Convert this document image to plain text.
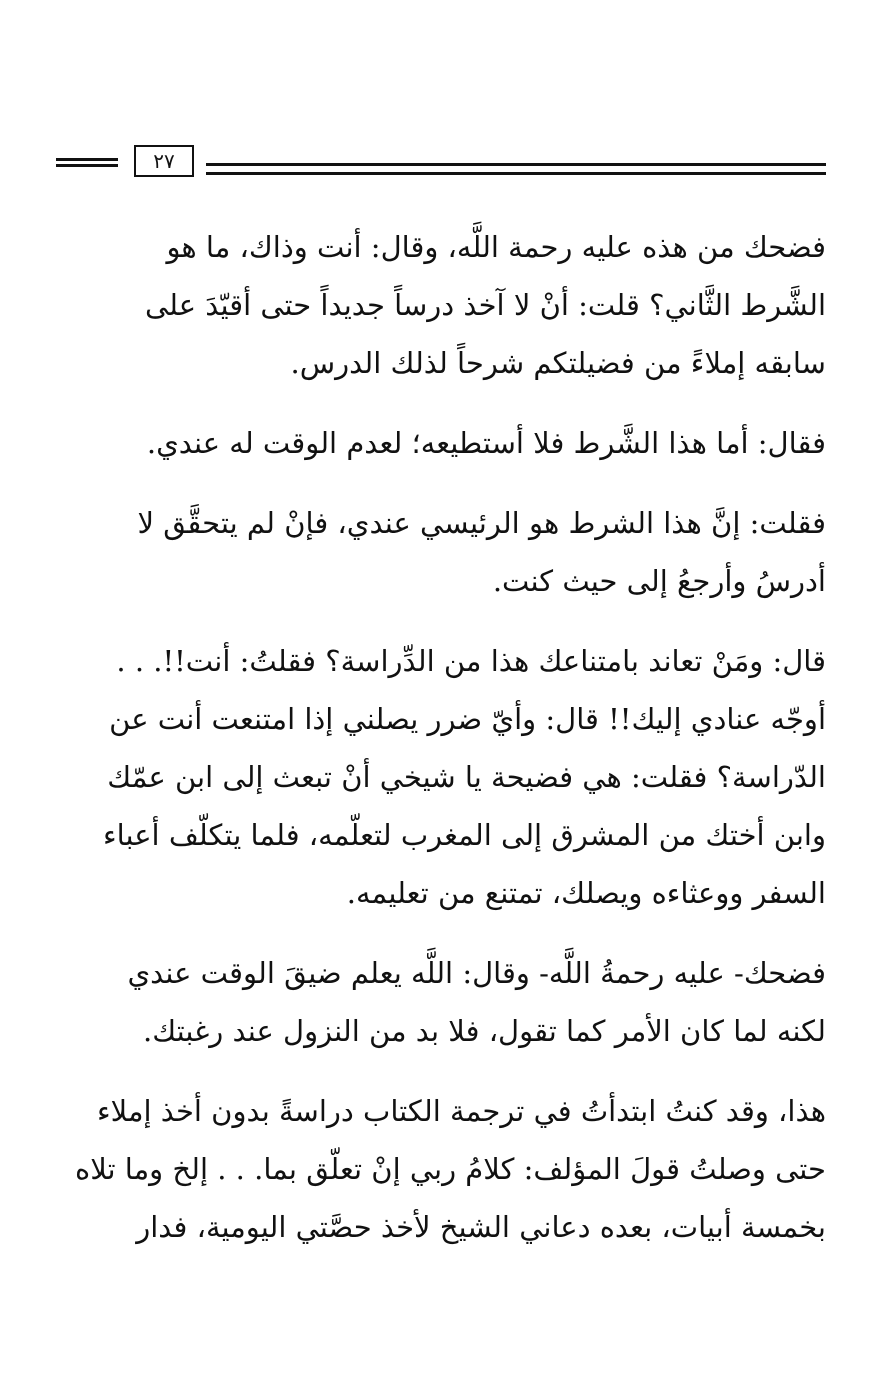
٢٧

فضحك من هذه عليه رحمة اللَّه، وقال: أنت وذاك، ما هو

الشَّرط الثَّاني؟ قلت: أنْ لا آخذ درساً جديداً حتى أقيّدَ على

سابقه إملاءً من فضيلتكم شرحاً لذلك الدرس.

فقال: أما هذا الشَّرط فلا أستطيعه؛ لعدم الوقت له عندي.

فقلت: إنَّ هذا الشرط هو الرئيسي عندي، فإنْ لم يتحقَّق لا

أدرسُ وأرجعُ إلى حيث كنت.

قال: ومَنْ تعاند بامتناعك هذا من الدِّراسة؟ فقلتُ: أنت!!. . .

أوجّه عنادي إليك!! قال: وأيّ ضرر يصلني إذا امتنعت أنت عن

الدّراسة؟ فقلت: هي فضيحة يا شيخي أنْ تبعث إلى ابن عمّك

وابن أختك من المشرق إلى المغرب لتعلّمه، فلما يتكلّف أعباء

السفر ووعثاءه ويصلك، تمتنع من تعليمه.

فضحك- عليه رحمةُ اللَّه- وقال: اللَّه يعلم ضيقَ الوقت عندي

لكنه لما كان الأمر كما تقول، فلا بد من النزول عند رغبتك.

هذا، وقد كنتُ ابتدأتُ في ترجمة الكتاب دراسةً بدون أخذ إملاء

حتى وصلتُ قولَ المؤلف: كلامُ ربي إنْ تعلّق بما. . . إلخ وما تلاه

بخمسة أبيات، بعده دعاني الشيخ لأخذ حصَّتي اليومية، فدار
